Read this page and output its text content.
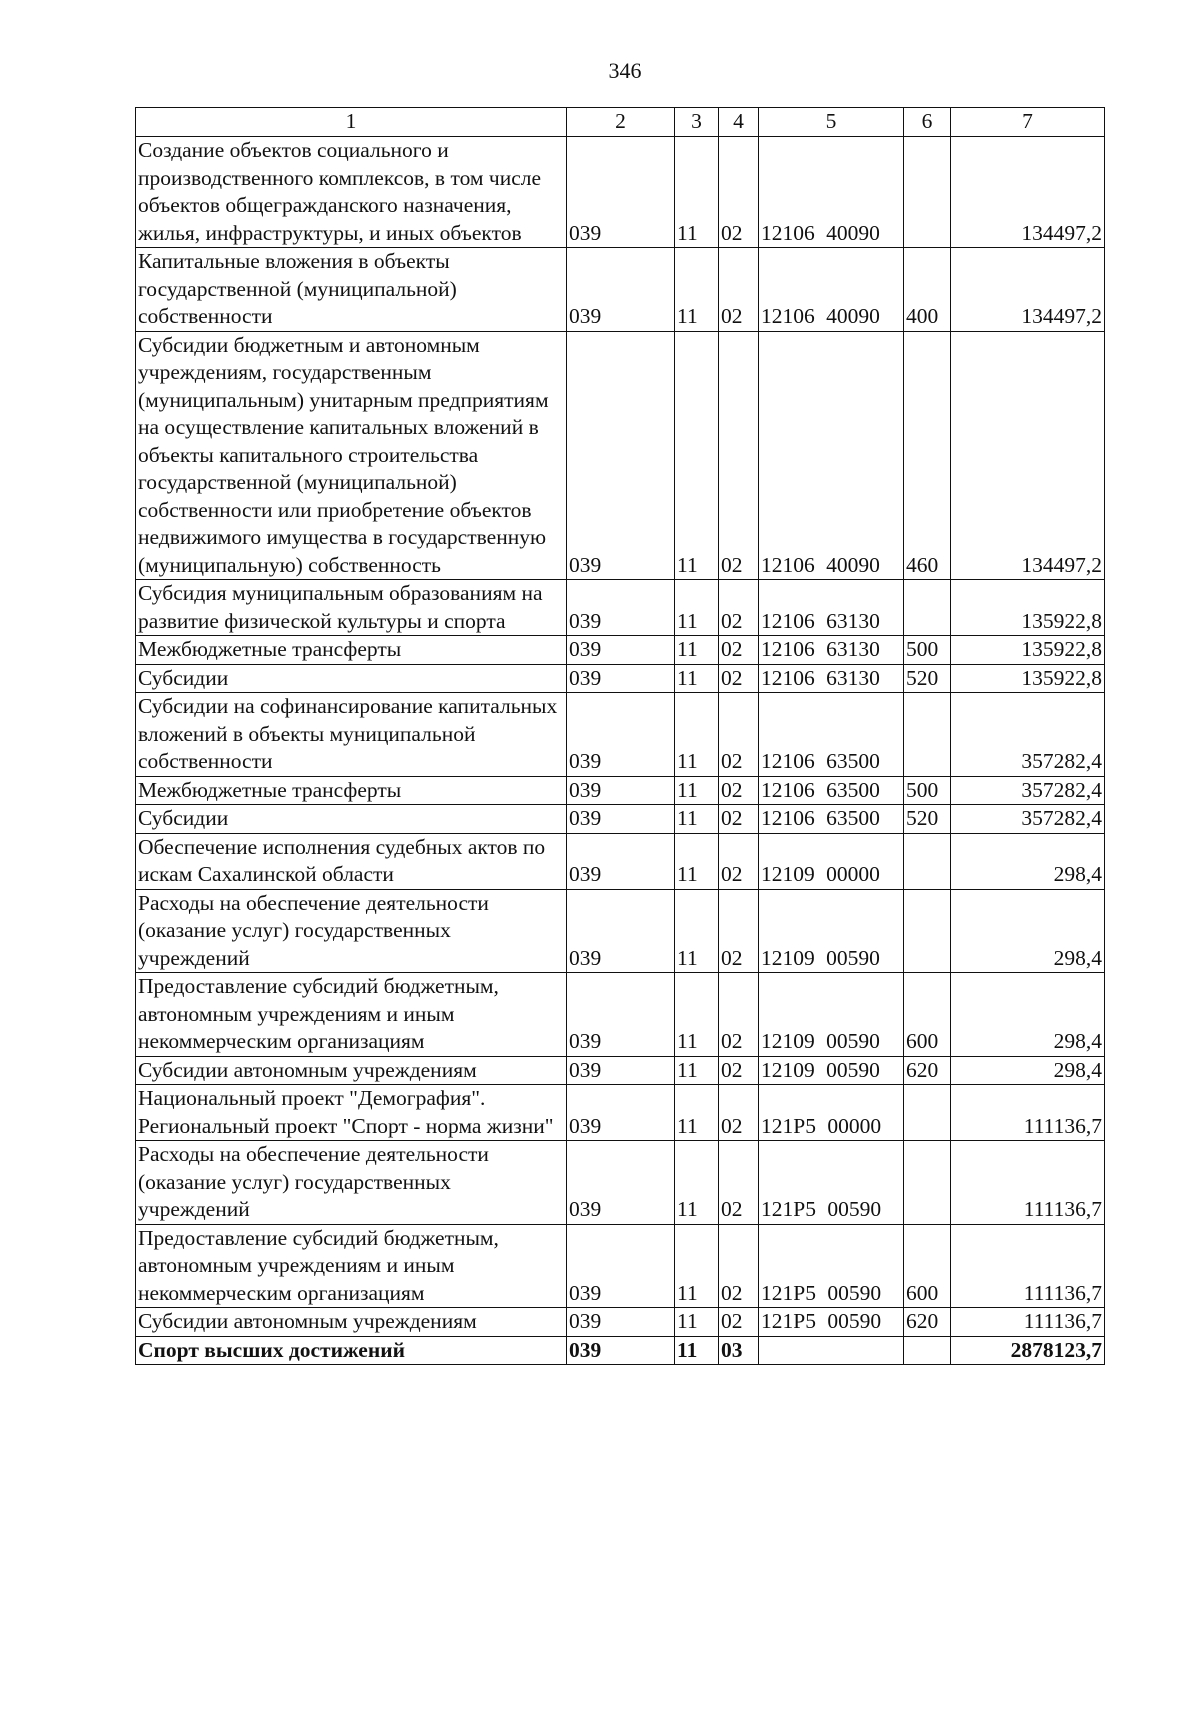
346
1	2	3	4	5	6	7
Создание объектов социального и производственного комплексов, в том числе объектов общегражданского назначения, жилья, инфраструктуры, и иных объектов	039	11	02	12106 40090		134497,2
Капитальные вложения в объекты государственной (муниципальной) собственности	039	11	02	12106 40090	400	134497,2
Субсидии бюджетным и автономным учреждениям, государственным (муниципальным) унитарным предприятиям на осуществление капитальных вложений в объекты капитального строительства государственной (муниципальной) собственности или приобретение объектов недвижимого имущества в государственную (муниципальную) собственность	039	11	02	12106 40090	460	134497,2
Субсидия муниципальным образованиям на развитие физической культуры и спорта	039	11	02	12106 63130		135922,8
Межбюджетные трансферты	039	11	02	12106 63130	500	135922,8
Субсидии	039	11	02	12106 63130	520	135922,8
Субсидии на софинансирование капитальных вложений в объекты муниципальной собственности	039	11	02	12106 63500		357282,4
Межбюджетные трансферты	039	11	02	12106 63500	500	357282,4
Субсидии	039	11	02	12106 63500	520	357282,4
Обеспечение исполнения судебных актов по искам Сахалинской области	039	11	02	12109 00000		298,4
Расходы на обеспечение деятельности (оказание услуг) государственных учреждений	039	11	02	12109 00590		298,4
Предоставление субсидий бюджетным, автономным учреждениям и иным некоммерческим организациям	039	11	02	12109 00590	600	298,4
Субсидии автономным учреждениям	039	11	02	12109 00590	620	298,4
Национальный проект "Демография". Региональный проект "Спорт - норма жизни"	039	11	02	121Р5 00000		111136,7
Расходы на обеспечение деятельности (оказание услуг) государственных учреждений	039	11	02	121Р5 00590		111136,7
Предоставление субсидий бюджетным, автономным учреждениям и иным некоммерческим организациям	039	11	02	121Р5 00590	600	111136,7
Субсидии автономным учреждениям	039	11	02	121Р5 00590	620	111136,7
Спорт высших достижений	039	11	03			2878123,7
